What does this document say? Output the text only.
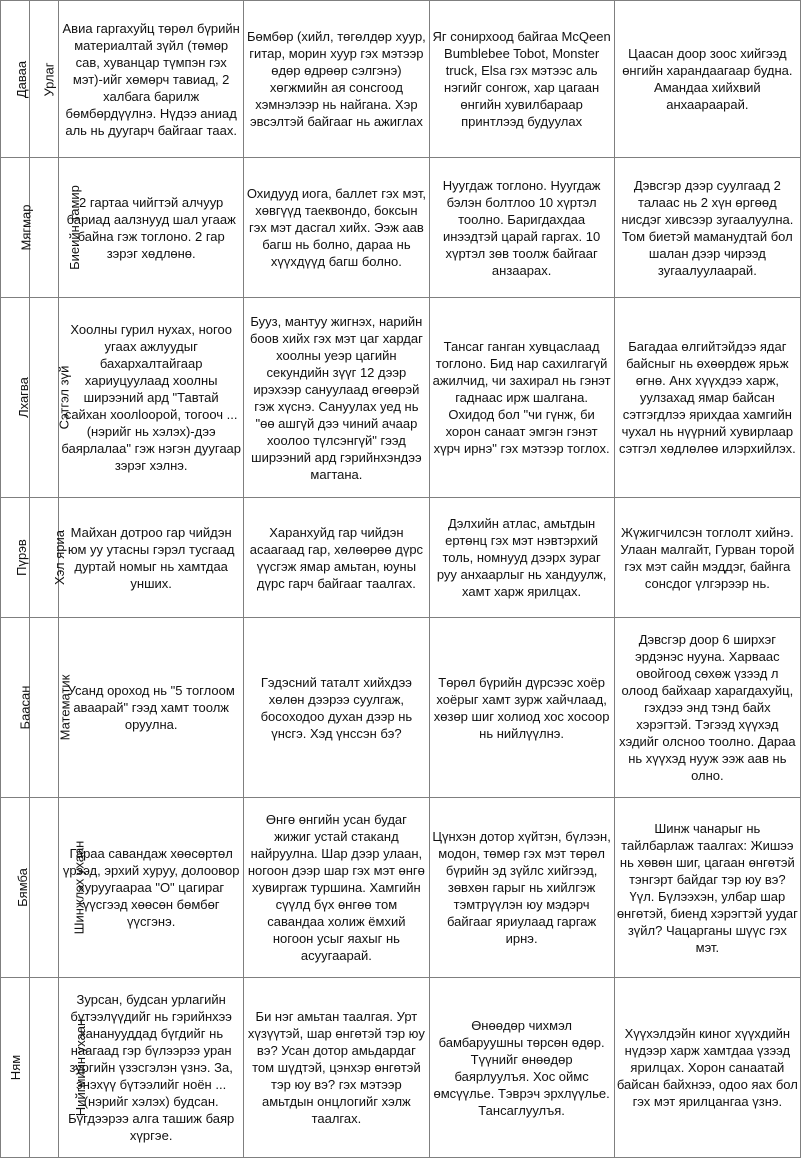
Даваа	Урлаг	Авиа гаргахуйц төрөл бүрийн материалтай зүйл (төмөр сав, хуванцар түмпэн гэх мэт)-ийг хөмөрч тавиад, 2 халбага барилж бөмбөрдүүлнэ. Нүдээ аниад аль нь дуугарч байгааг таах.	Бөмбөр (хийл, төгөлдөр хуур, гитар, морин хуур гэх мэтээр өдөр өдрөөр сэлгэнэ) хөгжмийн ая сонсгоод хэмнэлээр нь найгана. Хэр эвсэлтэй байгааг нь ажиглах	Яг сонирхоод байгаа McQeen Bumblebee Tobot, Monster truck, Elsa гэх мэтээс аль нэгийг сонгож, хар цагаан өнгийн хувилбараар принтлээд будуулах	Цаасан доор зоос хийгээд өнгийн харандаагаар будна. Амандаа хийхвий анхаараарай.
Мягмар	Биеийн тамир	2 гартаа чийгтэй алчуур бариад аалзнууд шал угааж байна гэж тоглоно. 2 гар зэрэг хөдлөнө.	Охидууд иога, баллет гэх мэт, хөвгүүд таеквондо, боксын гэх мэт дасгал хийх. Ээж аав багш нь болно, дараа нь хүүхдүүд багш болно.	Нуугдаж тоглоно. Нуугдаж бэлэн болтлоо 10 хүртэл тоолно. Баригдахдаа инээдтэй царай гаргах. 10 хүртэл зөв тоолж байгааг анзаарах.	Дэвсгэр дээр суулгаад 2 талаас нь 2 хүн өргөөд нисдэг хивсээр зугаалуулна. Том биетэй маманудтай бол шалан дээр чирээд зугаалуулаарай.
Лхагва	Сэтгэл зүй	Хоолны гурил нухах, ногоо угаах ажлуудыг бахархалтайгаар хариуцуулаад хоолны ширээний ард "Тавтай сайхан хоолloорой, тогооч ... (нэрийг нь хэлэх)-дээ баярлалаа" гэж нэгэн дуугаар зэрэг хэлнэ.	Бууз, мантуу жигнэх, нарийн боов хийх гэх мэт цаг хардаг хоолны уеэр цагийн секундийн зүүг 12 дээр ирэхээр сануулаад өгөөрэй гэж хүснэ. Сануулах уед нь "өө ашгүй дээ чиний ачаар хоолоо түлсэнгүй" гээд ширээний ард гэрийнхэндээ магтана.	Тансаг ганган хувцаслаад тоглоно. Бид нар сахилгагүй ажилчид, чи захирал нь гэнэт гаднаас ирж шалгана. Охидод бол "чи гүнж, би хорон санаат эмгэн гэнэт хүрч ирнэ" гэх мэтээр тоглох.	Багадаа өлгийтэйдээ ядаг байсныг нь өхөөрдөж ярьж өгнө. Анх хүүхдээ харж, уулзахад ямар байсан сэтгэгдлээ ярихдаа хамгийн чухал нь нүүрний хувирлаар сэтгэл хөдлөлөө илэрхийлэх.
Пүрэв	Хэл яриа	Майхан дотроо гар чийдэн юм уу утасны гэрэл тусгаад дуртай номыг нь хамтдаа унших.	Харанхуйд гар чийдэн асаагаад гар, хөлөөрөө дүрс үүсгэж ямар амьтан, юуны дүрс гарч байгааг таалгах.	Дэлхийн атлас, амьтдын ертөнц гэх мэт нэвтэрхий толь, номнууд дээрх зураг руу анхаарлыг нь хандуулж, хамт харж ярилцах.	Жүжигчилсэн тоглолт хийнэ. Улаан малгайт, Гурван торой гэх мэт сайн мэддэг, байнга сонсдог үлгэрээр нь.
Баасан	Математик	Усанд ороход нь "5 тоглоом аваарай" гээд хамт тоолж оруулна.	Гэдэсний таталт хийхдээ хөлөн дээрээ суулгаж, босоходоо духан дээр нь үнсгэ. Хэд үнссэн бэ?	Төрөл бүрийн дүрсээс хоёр хоёрыг хамт зурж хайчлаад, хөзөр шиг холиод хос хосоор нь нийлүүлнэ.	Дэвсгэр доор 6 ширхэг эрдэнэс нууна. Харваас овойгоод сөхөж үзээд л олоод байхаар харагдахуйц, гэхдээ энд тэнд байх хэрэгтэй. Тэгээд хүүхэд хэдийг олсноо тоолно. Дараа нь хүүхэд нууж ээж аав нь олно.
Бямба	Шинжлэх ухаан	Гараа савандаж хөөсөртөл үрээд, эрхий хуруу, долоовор хуруугаараа "О" цагираг үүсгээд хөөсөн бөмбөг үүсгэнэ.	Өнгө өнгийн усан будаг жижиг устай стаканд найруулна. Шар дээр улаан, ногоон дээр шар гэх мэт өнгө хувиргаж туршина. Хамгийн сүүлд бүх өнгөө том савандаа холиж ёмхий ногоон усыг яахыг нь асуугаарай.	Цүнхэн дотор хүйтэн, бүлээн, модон, төмөр гэх мэт төрөл бүрийн эд зүйлс хийгээд, зөвхөн гарыг нь хийлгэж тэмтрүүлэн юу мэдэрч байгааг яриулаад гаргаж ирнэ.	Шинж чанарыг нь тайлбарлаж таалгах: Жишээ нь хөвөн шиг, цагаан өнгөтэй тэнгэрт байдаг тэр юу вэ? Үүл. Бүлээхэн, улбар шар өнгөтэй, биенд хэрэгтэй уудаг зүйл? Чацарганы шүүс гэх мэт.
Ням	Нийгмийн ухаан	Зурсан, будсан урлагийн бүтээлүүдийг нь гэрийнхээ хананууддад бүгдийг нь наагаад гэр бүлээрээ уран зургийн үзэсгэлэн үзнэ. За, энэхүү бүтээлийг ноён ... (нэрийг хэлэх) будсан. Бүгдээрээ алга ташиж баяр хүргэе.	Би нэг амьтан таалгая. Урт хүзүүтэй, шар өнгөтэй тэр юу вэ? Усан дотор амьдардаг том шүдтэй, цэнхэр өнгөтэй тэр юу вэ? гэх мэтээр амьтдын онцлогийг хэлж таалгах.	Өнөөдөр чихмэл бамбаруушны төрсөн өдөр. Түүнийг өнөөдөр баярлуулъя. Хос оймс өмсүүлье. Тэврэч эрхлүүлье. Тансаглуулъя.	Хүүхэлдэйн киног хүүхдийн нүдээр харж хамтдаа үзээд ярилцах. Хорон санаатай байсан байхнээ, одоо яах бол гэх мэт ярилцангаа үзнэ.
